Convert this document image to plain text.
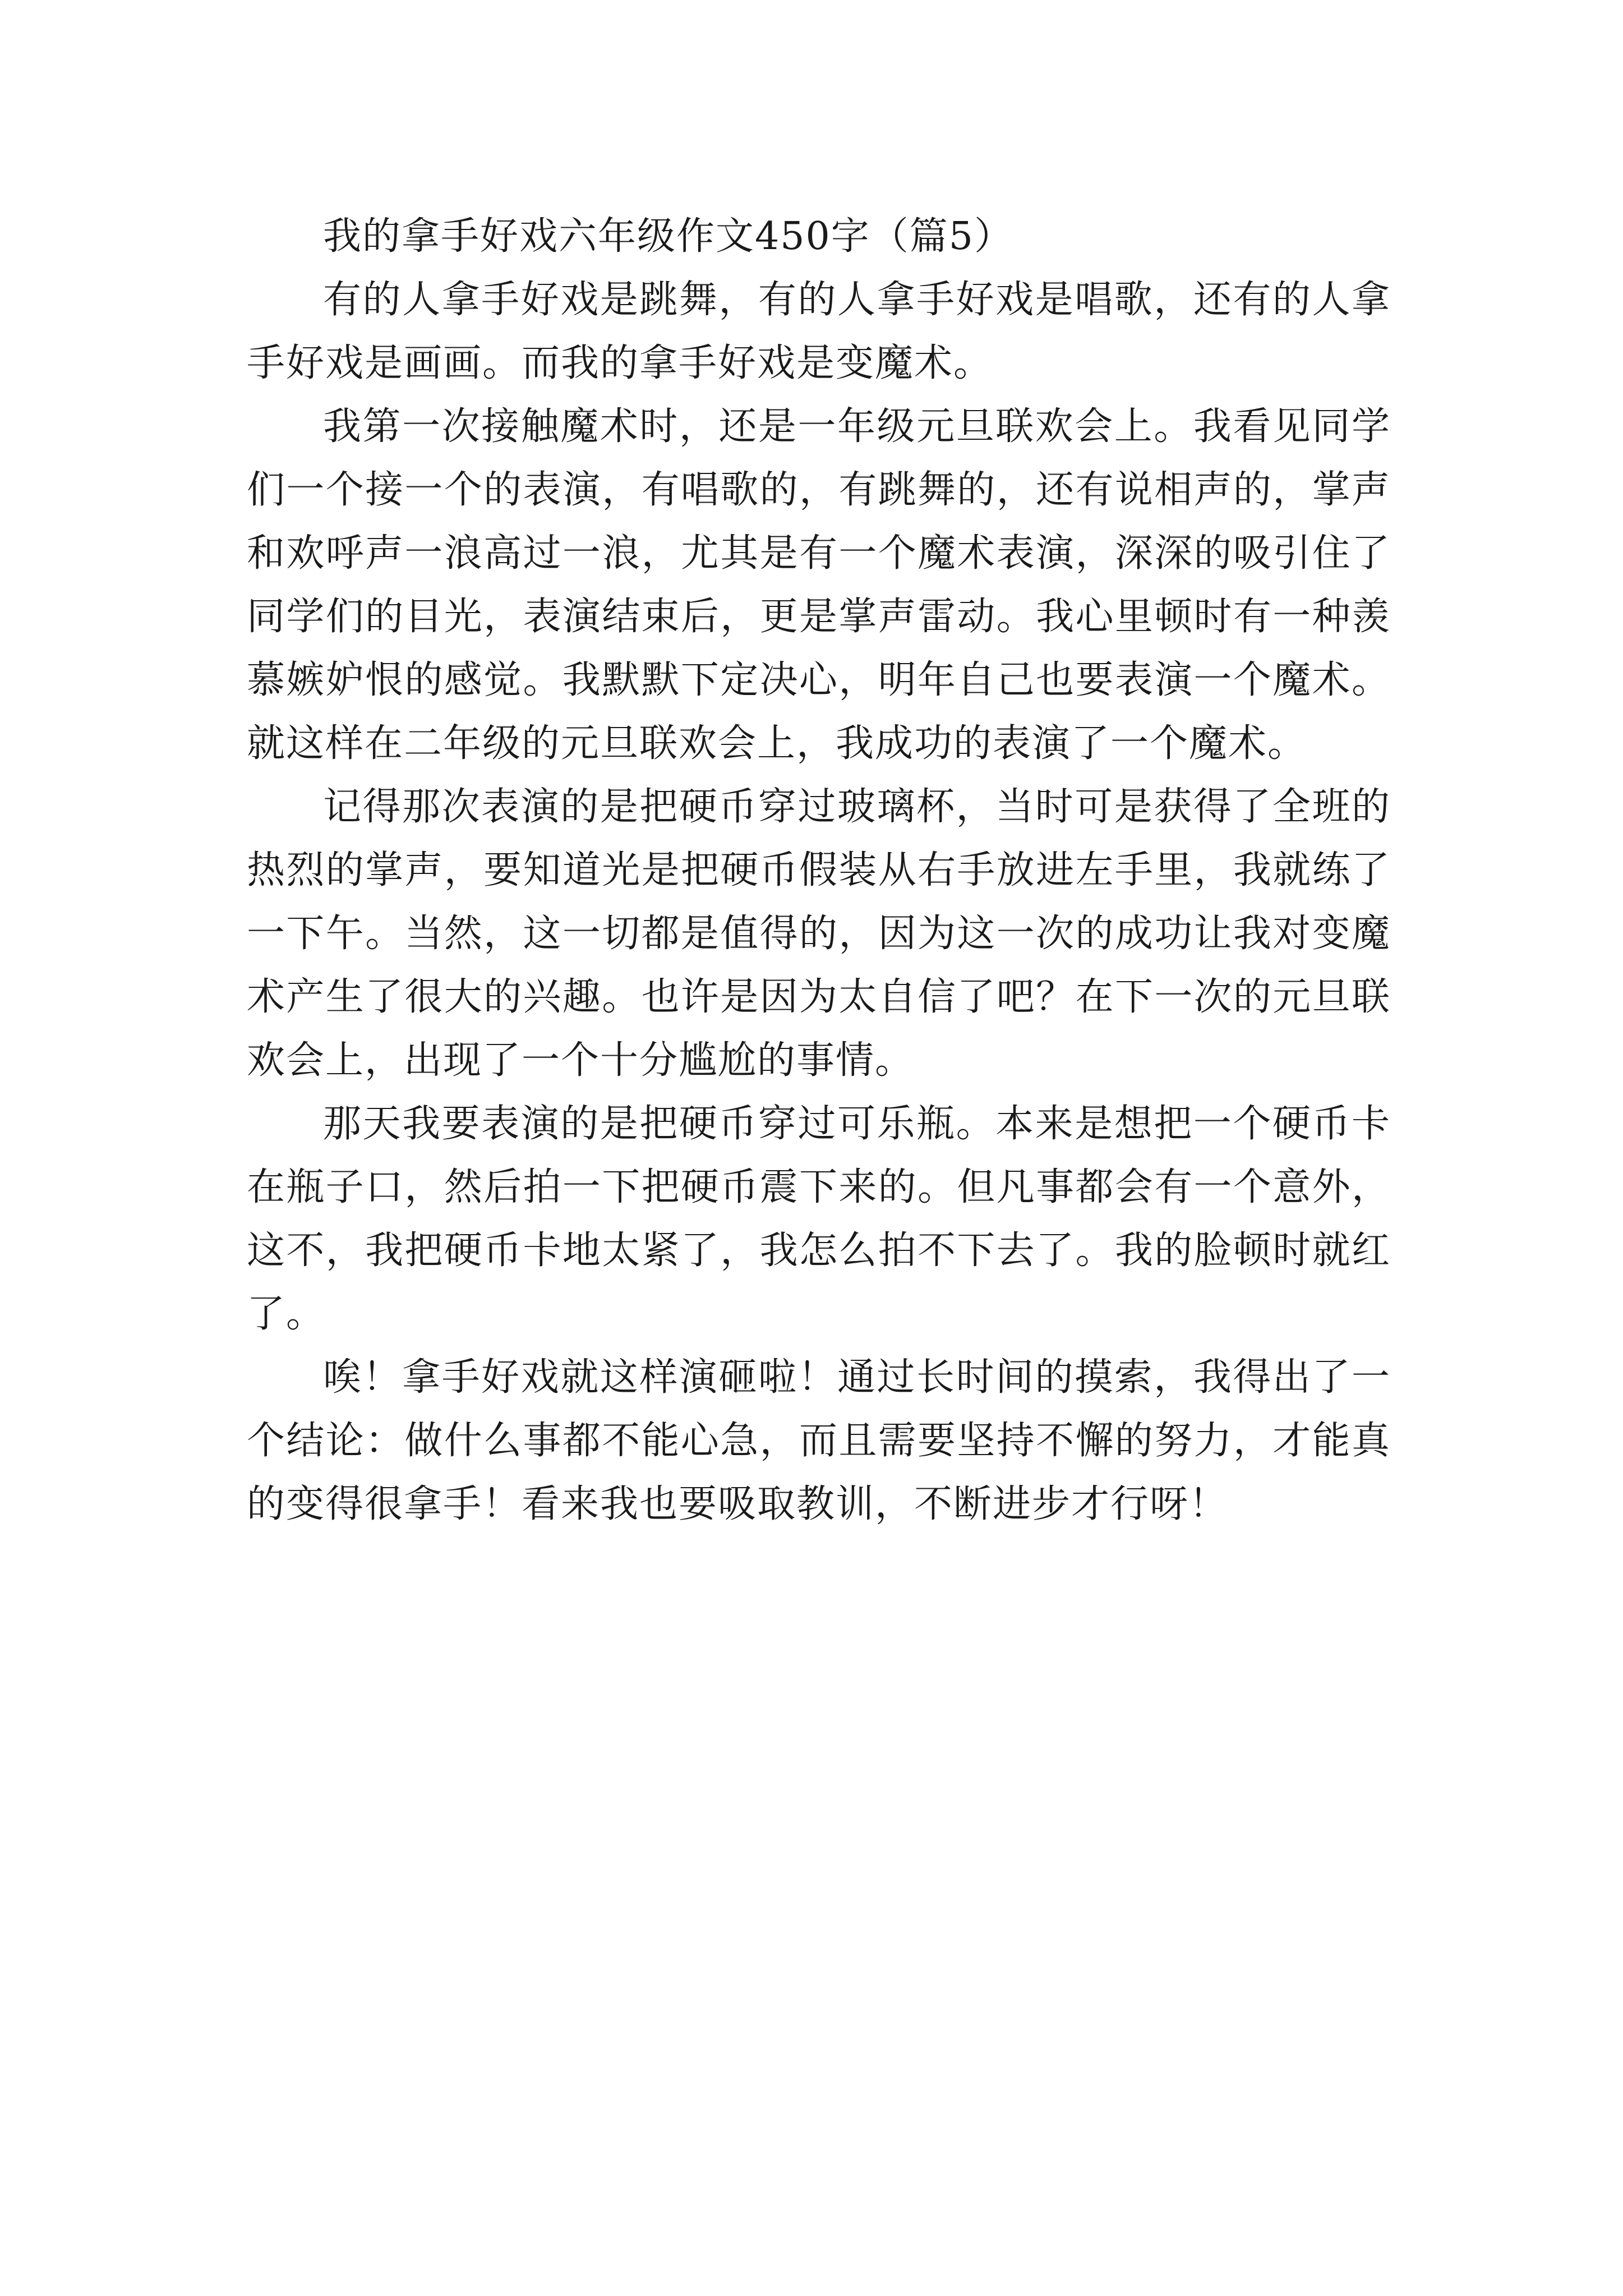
我的拿手好戏六年级作文450字（篇5）

有的人拿手好戏是跳舞，有的人拿手好戏是唱歌，还有的人拿手好戏是画画。而我的拿手好戏是变魔术。

我第一次接触魔术时，还是一年级元旦联欢会上。我看见同学们一个接一个的表演，有唱歌的，有跳舞的，还有说相声的，掌声和欢呼声一浪高过一浪，尤其是有一个魔术表演，深深的吸引住了同学们的目光，表演结束后，更是掌声雷动。我心里顿时有一种羡慕嫉妒恨的感觉。我默默下定决心，明年自己也要表演一个魔术。就这样在二年级的元旦联欢会上，我成功的表演了一个魔术。

记得那次表演的是把硬币穿过玻璃杯，当时可是获得了全班的热烈的掌声，要知道光是把硬币假装从右手放进左手里，我就练了一下午。当然，这一切都是值得的，因为这一次的成功让我对变魔术产生了很大的兴趣。也许是因为太自信了吧？在下一次的元旦联欢会上，出现了一个十分尴尬的事情。

那天我要表演的是把硬币穿过可乐瓶。本来是想把一个硬币卡在瓶子口，然后拍一下把硬币震下来的。但凡事都会有一个意外，这不，我把硬币卡地太紧了，我怎么拍不下去了。我的脸顿时就红了。

唉！拿手好戏就这样演砸啦！通过长时间的摸索，我得出了一个结论：做什么事都不能心急，而且需要坚持不懈的努力，才能真的变得很拿手！看来我也要吸取教训，不断进步才行呀！
